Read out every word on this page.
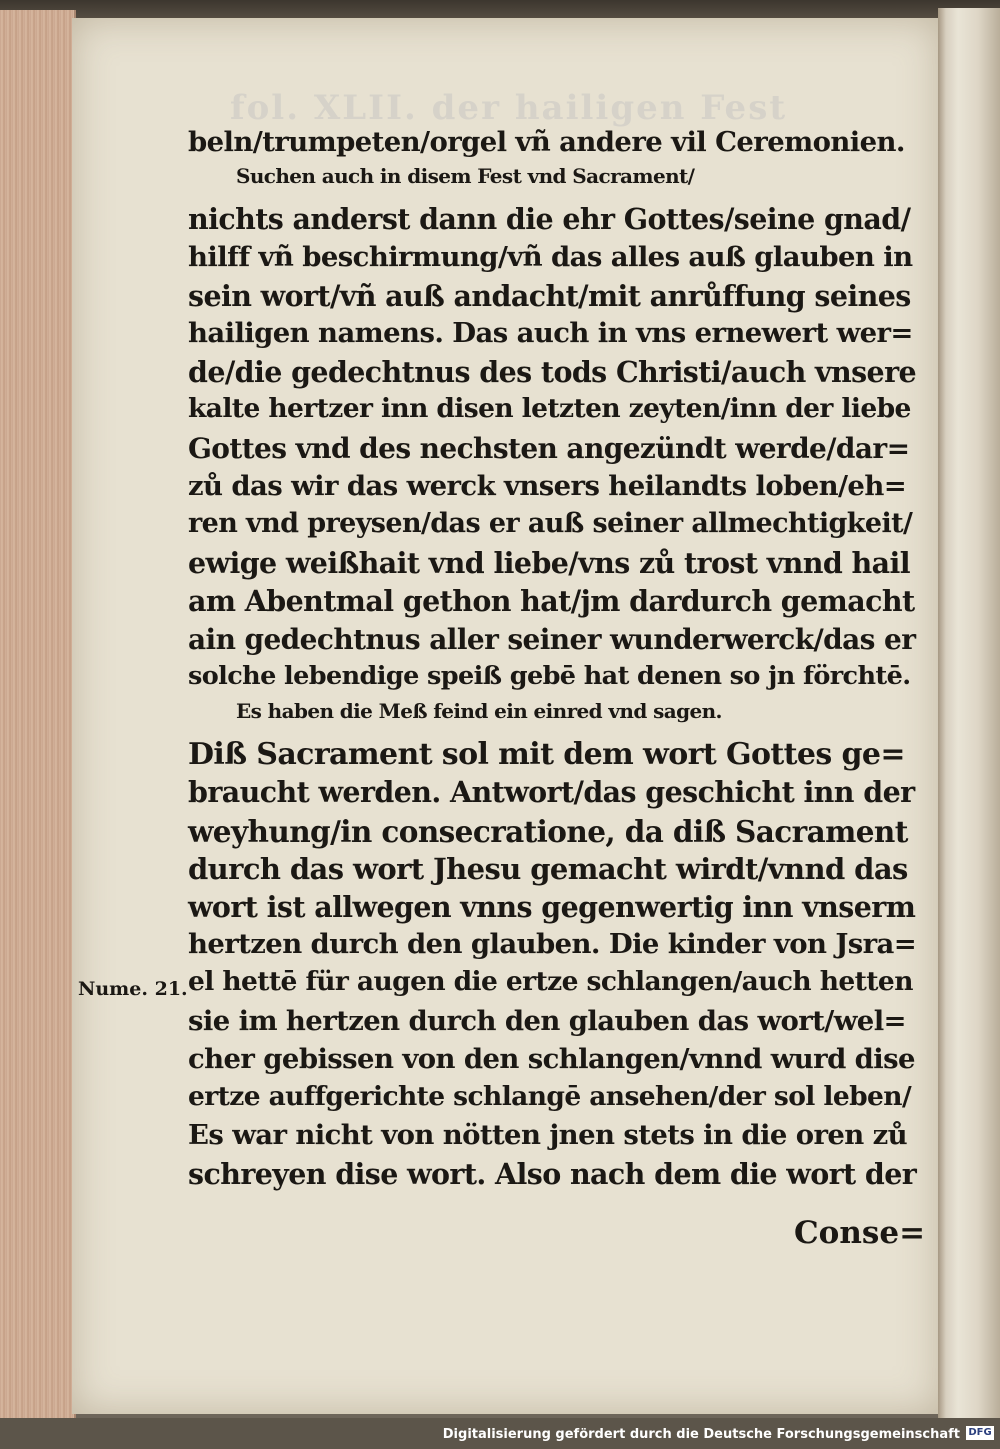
fol. XLII. der hailigen Fest
beln/trumpeten/orgel vñ andere vil Ceremonien.
Suchen auch in disem Fest vnd Sacrament/
nichts anderst dann die ehr Gottes/seine gnad/
hilff vñ beschirmung/vñ das alles auß glauben in
sein wort/vñ auß andacht/mit anrůffung seines
hailigen namens. Das auch in vns ernewert wer=
de/die gedechtnus des tods Christi/auch vnsere
kalte hertzer inn disen letzten zeyten/inn der liebe
Gottes vnd des nechsten angezündt werde/dar=
zů das wir das werck vnsers heilandts loben/eh=
ren vnd preysen/das er auß seiner allmechtigkeit/
ewige weißhait vnd liebe/vns zů trost vnnd hail
am Abentmal gethon hat/jm dardurch gemacht
ain gedechtnus aller seiner wunderwerck/das er
solche lebendige speiß gebē hat denen so jn förchtē.
Es haben die Meß feind ein einred vnd sagen.
Diß Sacrament sol mit dem wort Gottes ge=
braucht werden. Antwort/das geschicht inn der
weyhung/in consecratione, da diß Sacrament
durch das wort Jhesu gemacht wirdt/vnnd das
wort ist allwegen vnns gegenwertig inn vnserm
hertzen durch den glauben. Die kinder von Jsra=
el hettē für augen die ertze schlangen/auch hetten
sie im hertzen durch den glauben das wort/wel=
cher gebissen von den schlangen/vnnd wurd dise
ertze auffgerichte schlangē ansehen/der sol leben/
Es war nicht von nötten jnen stets in die oren zů
schreyen dise wort. Also nach dem die wort der
Nume. 21.
Conse=
Digitalisierung gefördert durch die Deutsche Forschungsgemeinschaft DFG
